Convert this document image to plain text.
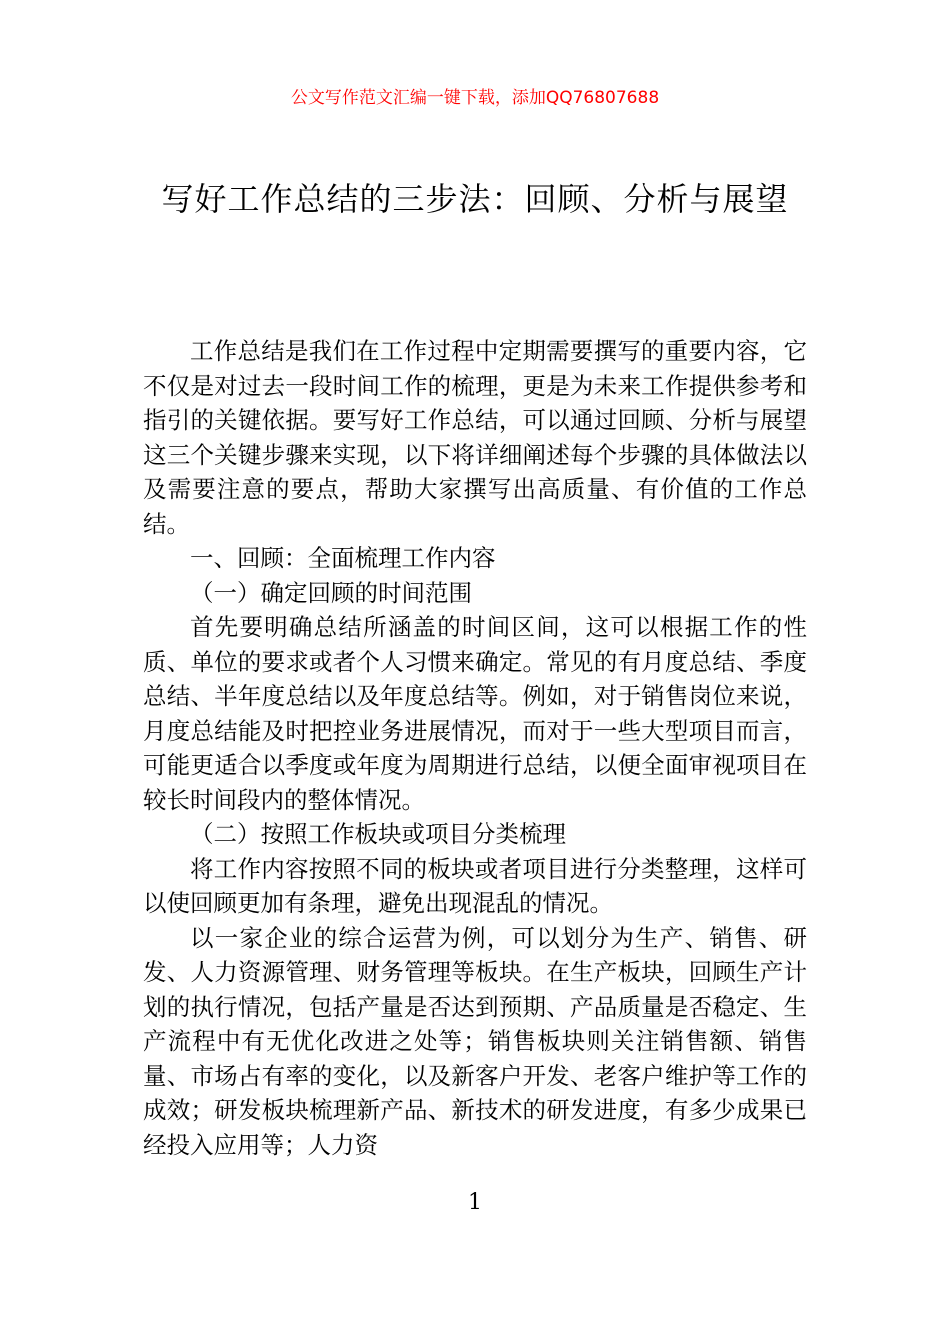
公文写作范文汇编一键下载，添加QQ76807688
写好工作总结的三步法：回顾、分析与展望

工作总结是我们在工作过程中定期需要撰写的重要内容，它不仅是对过去一段时间工作的梳理，更是为未来工作提供参考和指引的关键依据。要写好工作总结，可以通过回顾、分析与展望这三个关键步骤来实现，以下将详细阐述每个步骤的具体做法以及需要注意的要点，帮助大家撰写出高质量、有价值的工作总结。

一、回顾：全面梳理工作内容

（一）确定回顾的时间范围

首先要明确总结所涵盖的时间区间，这可以根据工作的性质、单位的要求或者个人习惯来确定。常见的有月度总结、季度总结、半年度总结以及年度总结等。例如，对于销售岗位来说，月度总结能及时把控业务进展情况，而对于一些大型项目而言，可能更适合以季度或年度为周期进行总结，以便全面审视项目在较长时间段内的整体情况。

（二）按照工作板块或项目分类梳理

将工作内容按照不同的板块或者项目进行分类整理，这样可以使回顾更加有条理，避免出现混乱的情况。

以一家企业的综合运营为例，可以划分为生产、销售、研发、人力资源管理、财务管理等板块。在生产板块，回顾生产计划的执行情况，包括产量是否达到预期、产品质量是否稳定、生产流程中有无优化改进之处等；销售板块则关注销售额、销售量、市场占有率的变化，以及新客户开发、老客户维护等工作的成效；研发板块梳理新产品、新技术的研发进度，有多少成果已经投入应用等；人力资

1
